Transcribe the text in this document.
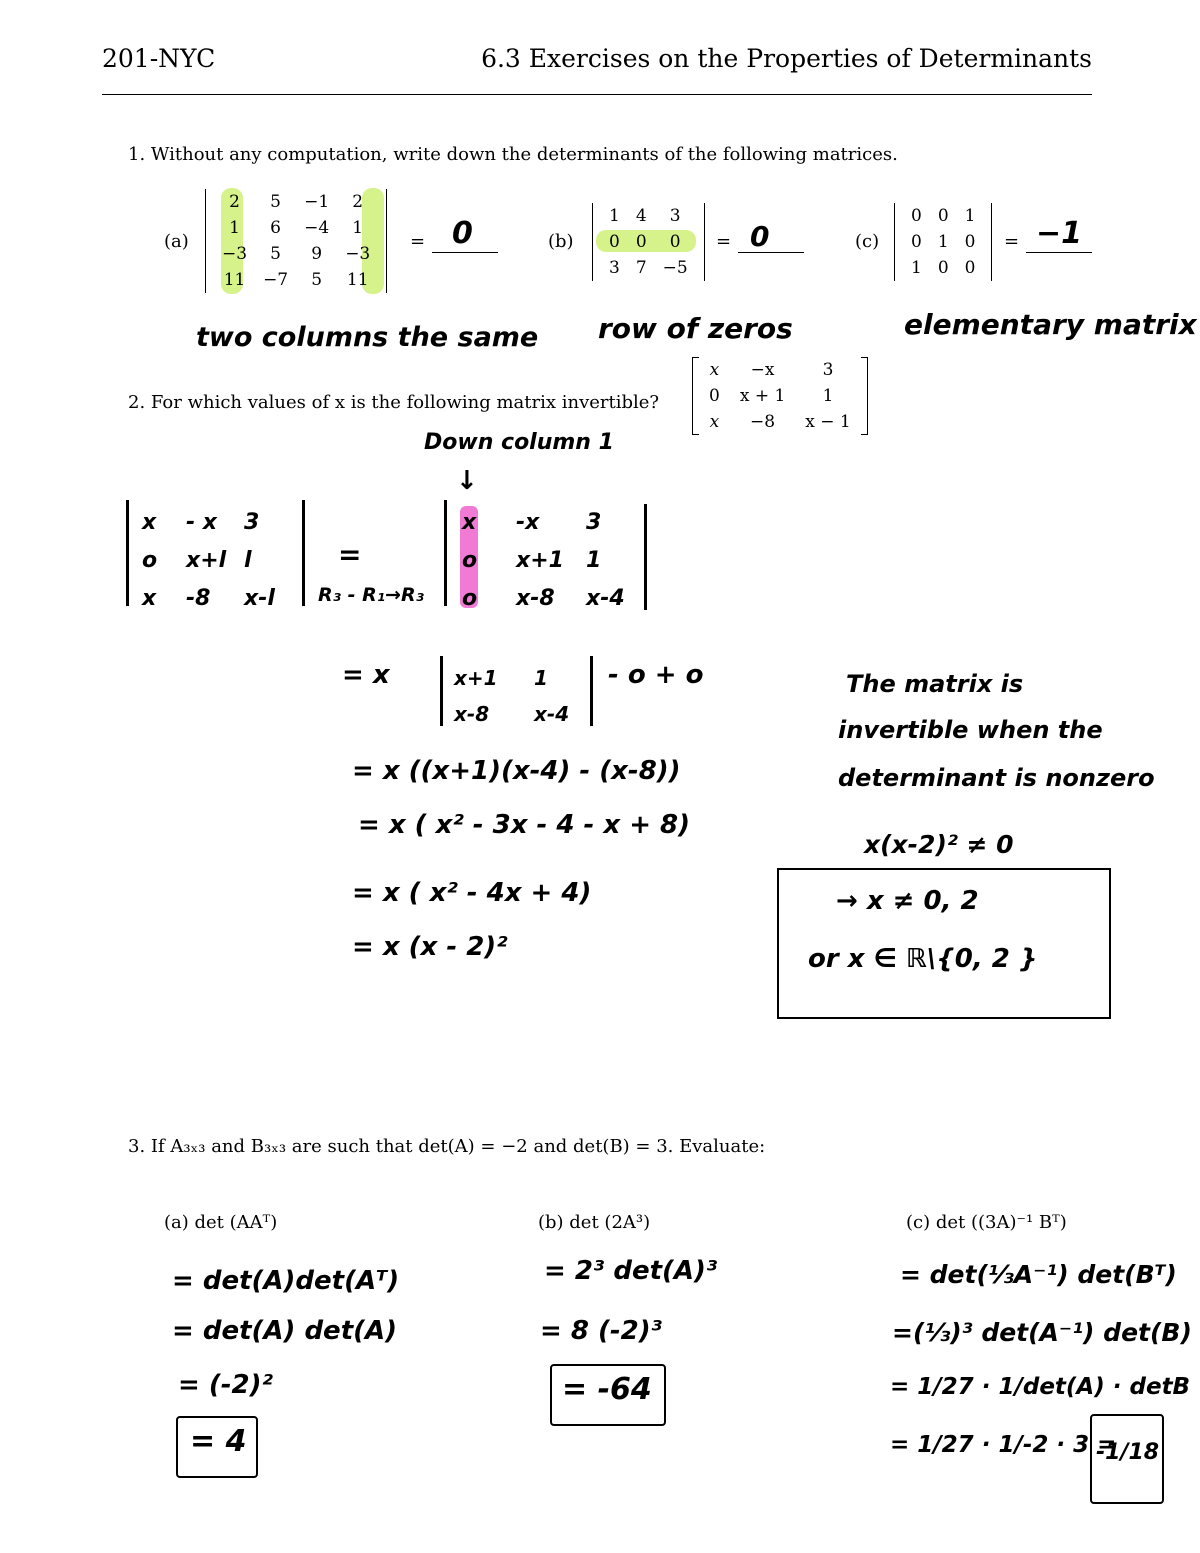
201-NYC	6.3 Exercises on the Properties of Determinants
1. Without any computation, write down the determinants of the following matrices.
(a)
2	5	−1	2
1	6	−4	1
−3	5	9	−3
11	−7	5	11
= 0
two columns the same
(b)
1	4	3
0	0	0
3	7	−5
= 0
row of zeros
(c)
0	0	1
0	1	0
1	0	0
= −1
elementary matrix
2. For which values of x is the following matrix invertible?
x	−x	3
0	x + 1	1
x	−8	x − 1
Down column 1
↓
x - x 3
o x+l l
x -8 x-l
=
R₃ - R₁→R₃
x -x 3
o x+1 1
o x-8 x-4
= x	x+1 1
x-8 x-4
- o + o
= x ((x+1)(x-4) - (x-8))
= x ( x² - 3x - 4 - x + 8)
= x ( x² - 4x + 4)
= x (x - 2)²
The matrix is
invertible when the
determinant is nonzero
x(x-2)² ≠ 0
→ x ≠ 0, 2
or x ∈ ℝ\{0, 2 }
3. If A₃ₓ₃ and B₃ₓ₃ are such that det(A) = −2 and det(B) = 3. Evaluate:
(a) det (AAᵀ)
= det(A)det(Aᵀ)
= det(A) det(A)
= (-2)²
= 4
(b) det (2A³)
= 2³ det(A)³
= 8 (-2)³
= -64
(c) det ((3A)⁻¹ Bᵀ)
= det(⅓A⁻¹) det(Bᵀ)
=(⅓)³ det(A⁻¹) det(B)
= 1/27 · 1/det(A) · detB
= 1/27 · 1/-2 · 3 =
-1/18
